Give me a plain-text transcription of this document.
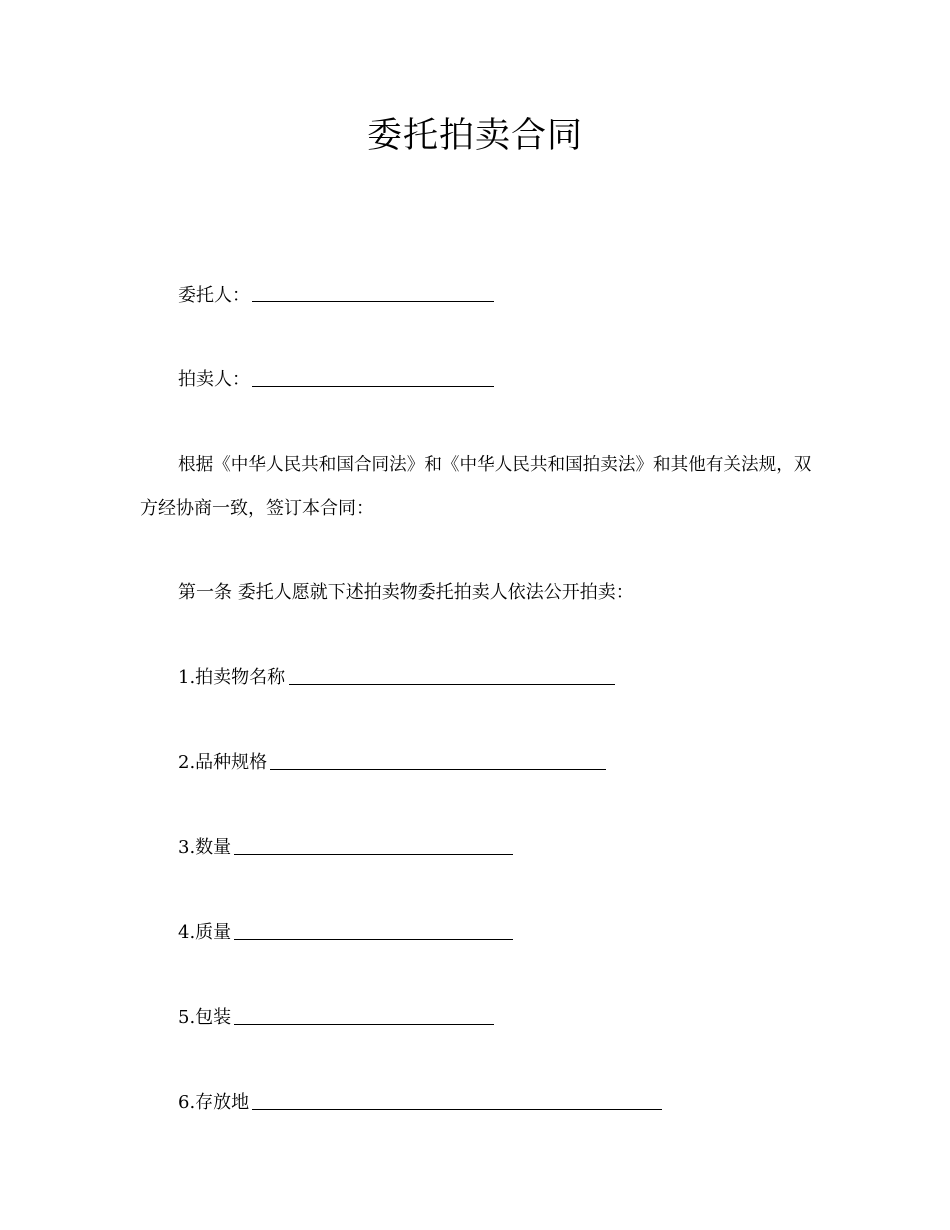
委托拍卖合同
委托人：
拍卖人：
根据《中华人民共和国合同法》和《中华人民共和国拍卖法》和其他有关法规，双
方经协商一致，签订本合同：
第一条 委托人愿就下述拍卖物委托拍卖人依法公开拍卖：
1.拍卖物名称
2.品种规格
3.数量
4.质量
5.包装
6.存放地
